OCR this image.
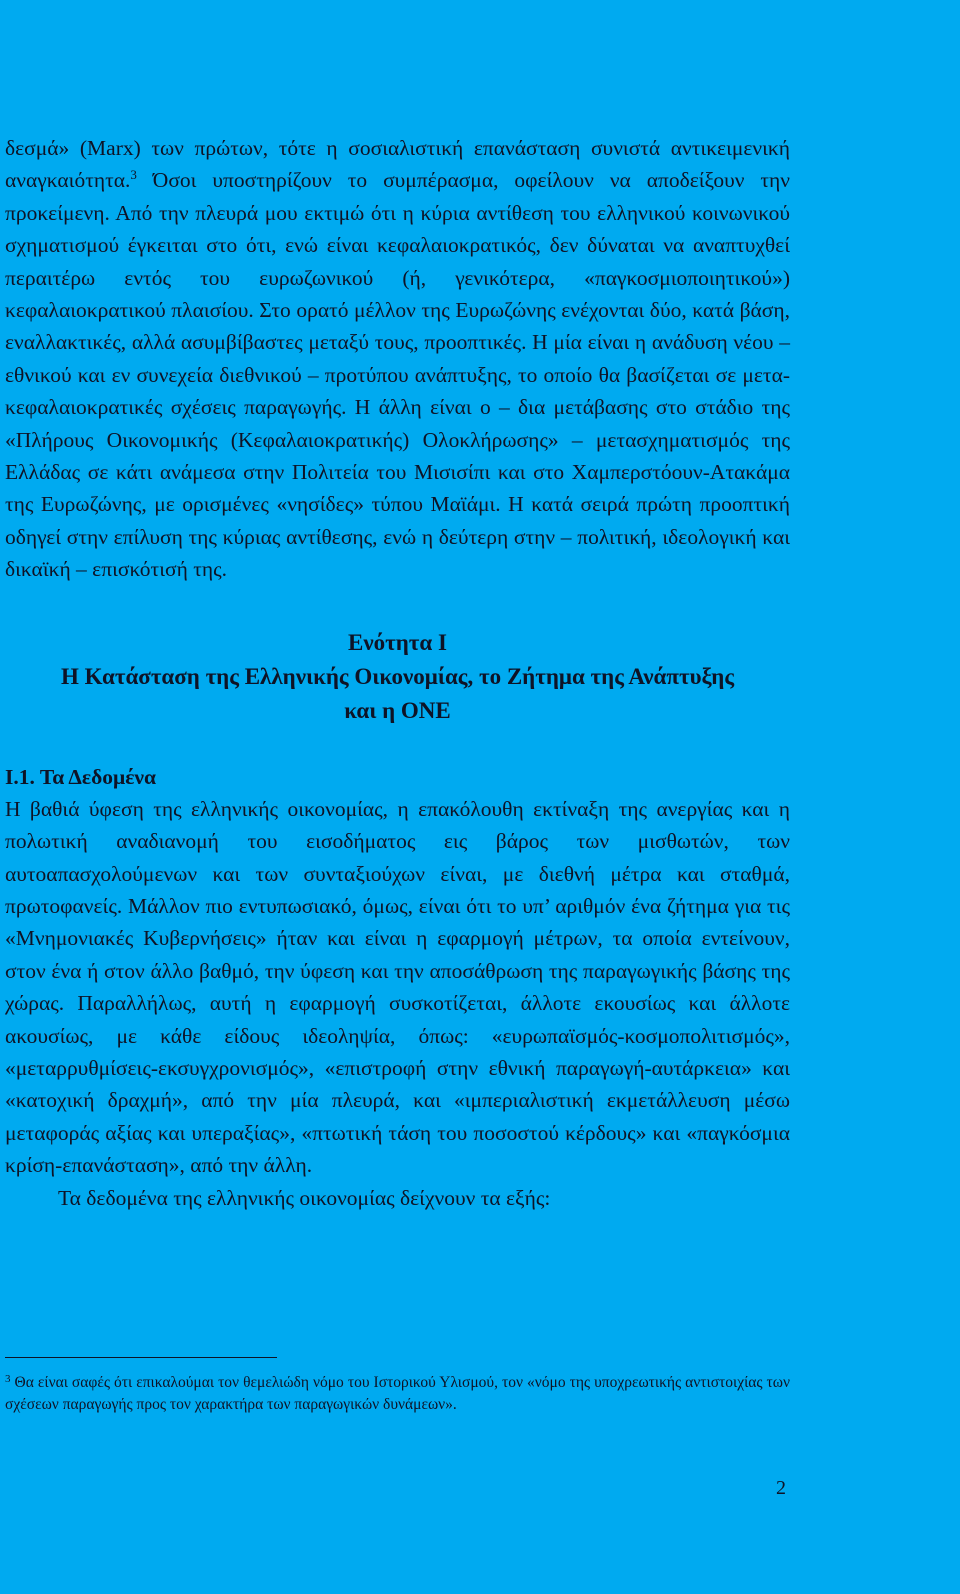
δεσμά» (Marx) των πρώτων, τότε η σοσιαλιστική επανάσταση συνιστά αντικειμενική αναγκαιότητα.$^3$ Όσοι υποστηρίζουν το συμπέρασμα, οφείλουν να αποδείξουν την προκείμενη. Από την πλευρά μου εκτιμώ ότι η κύρια αντίθεση του ελληνικού κοινωνικού σχηματισμού έγκειται στο ότι, ενώ είναι κεφαλαιοκρατικός, δεν δύναται να αναπτυχθεί περαιτέρω εντός του ευρωζωνικού (ή, γενικότερα, «παγκοσμιοποιητικού») κεφαλαιοκρατικού πλαισίου. Στο ορατό μέλλον της Ευρωζώνης ενέχονται δύο, κατά βάση, εναλλακτικές, αλλά ασυμβίβαστες μεταξύ τους, προοπτικές. Η μία είναι η ανάδυση νέου – εθνικού και εν συνεχεία διεθνικού – προτύπου ανάπτυξης, το οποίο θα βασίζεται σε μετα-κεφαλαιοκρατικές σχέσεις παραγωγής. Η άλλη είναι ο – δια μετάβασης στο στάδιο της «Πλήρους Οικονομικής (Κεφαλαιοκρατικής) Ολοκλήρωσης» – μετασχηματισμός της Ελλάδας σε κάτι ανάμεσα στην Πολιτεία του Μισισίπι και στο Χαμπερστόουν-Ατακάμα της Ευρωζώνης, με ορισμένες «νησίδες» τύπου Μαϊάμι. Η κατά σειρά πρώτη προοπτική οδηγεί στην επίλυση της κύριας αντίθεσης, ενώ η δεύτερη στην – πολιτική, ιδεολογική και δικαϊκή – επισκότισή της.

Ενότητα Ι
Η Κατάσταση της Ελληνικής Οικονομίας, το Ζήτημα της Ανάπτυξης
και η ΟΝΕ
Ι.1. Τα Δεδομένα

Η βαθιά ύφεση της ελληνικής οικονομίας, η επακόλουθη εκτίναξη της ανεργίας και η πολωτική αναδιανομή του εισοδήματος εις βάρος των μισθωτών, των αυτοαπασχολούμενων και των συνταξιούχων είναι, με διεθνή μέτρα και σταθμά, πρωτοφανείς. Μάλλον πιο εντυπωσιακό, όμως, είναι ότι το υπ’ αριθμόν ένα ζήτημα για τις «Μνημονιακές Κυβερνήσεις» ήταν και είναι η εφαρμογή μέτρων, τα οποία εντείνουν, στον ένα ή στον άλλο βαθμό, την ύφεση και την αποσάθρωση της παραγωγικής βάσης της χώρας. Παραλλήλως, αυτή η εφαρμογή συσκοτίζεται, άλλοτε εκουσίως και άλλοτε ακουσίως, με κάθε είδους ιδεοληψία, όπως: «ευρωπαϊσμός-κοσμοπολιτισμός», «μεταρρυθμίσεις-εκσυγχρονισμός», «επιστροφή στην εθνική παραγωγή-αυτάρκεια» και «κατοχική δραχμή», από την μία πλευρά, και «ιμπεριαλιστική εκμετάλλευση μέσω μεταφοράς αξίας και υπεραξίας», «πτωτική τάση του ποσοστού κέρδους» και «παγκόσμια κρίση-επανάσταση», από την άλλη.

Τα δεδομένα της ελληνικής οικονομίας δείχνουν τα εξής:

$^3$ Θα είναι σαφές ότι επικαλούμαι τον θεμελιώδη νόμο του Ιστορικού Υλισμού, τον «νόμο της υποχρεωτικής αντιστοιχίας των σχέσεων παραγωγής προς τον χαρακτήρα των παραγωγικών δυνάμεων».

2
